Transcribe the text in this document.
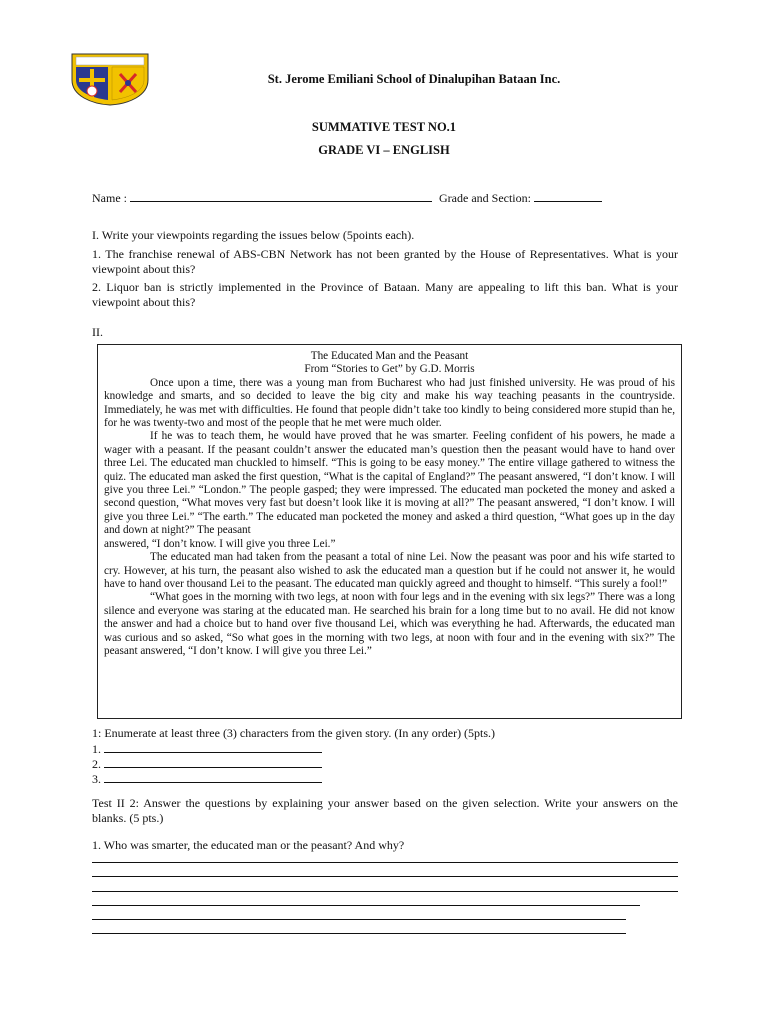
St. Jerome Emiliani School of Dinalupihan Bataan Inc.
SUMMATIVE TEST NO.1
GRADE VI – ENGLISH
Name :	Grade and Section:
I. Write your viewpoints regarding the issues below (5points each).
1. The franchise renewal of ABS-CBN Network has not been granted by the House of Representatives. What is your viewpoint about this?
2. Liquor ban is strictly implemented in the Province of Bataan. Many are appealing to lift this ban. What is your viewpoint about this?
II.
The Educated Man and the Peasant
From “Stories to Get” by G.D. Morris

Once upon a time, there was a young man from Bucharest who had just finished university. He was proud of his knowledge and smarts, and so decided to leave the big city and make his way teaching peasants in the countryside. Immediately, he was met with difficulties. He found that people didn’t take too kindly to being considered more stupid than he, for he was twenty-two and most of the people that he met were much older.

If he was to teach them, he would have proved that he was smarter. Feeling confident of his powers, he made a wager with a peasant. If the peasant couldn’t answer the educated man’s question then the peasant would have to hand over three Lei. The educated man chuckled to himself. “This is going to be easy money.” The entire village gathered to witness the quiz. The educated man asked the first question, “What is the capital of England?” The peasant answered, “I don’t know. I will give you three Lei.” “London.” The people gasped; they were impressed. The educated man pocketed the money and asked a second question, “What moves very fast but doesn’t look like it is moving at all?” The peasant answered, “I don’t know. I will give you three Lei.” “The earth.” The educated man pocketed the money and asked a third question, “What goes up in the day and down at night?” The peasant

answered, “I don’t know. I will give you three Lei.”

The educated man had taken from the peasant a total of nine Lei. Now the peasant was poor and his wife started to cry. However, at his turn, the peasant also wished to ask the educated man a question but if he could not answer it, he would have to hand over thousand Lei to the peasant. The educated man quickly agreed and thought to himself. “This surely a fool!”

“What goes in the morning with two legs, at noon with four legs and in the evening with six legs?” There was a long silence and everyone was staring at the educated man. He searched his brain for a long time but to no avail. He did not know the answer and had a choice but to hand over five thousand Lei, which was everything he had. Afterwards, the educated man was curious and so asked, “So what goes in the morning with two legs, at noon with four and in the evening with six?” The peasant answered, “I don’t know. I will give you three Lei.”

1: Enumerate at least three (3) characters from the given story. (In any order) (5pts.)
1.
2.
3.
Test II 2: Answer the questions by explaining your answer based on the given selection. Write your answers on the blanks. (5 pts.)
1. Who was smarter, the educated man or the peasant? And why?
